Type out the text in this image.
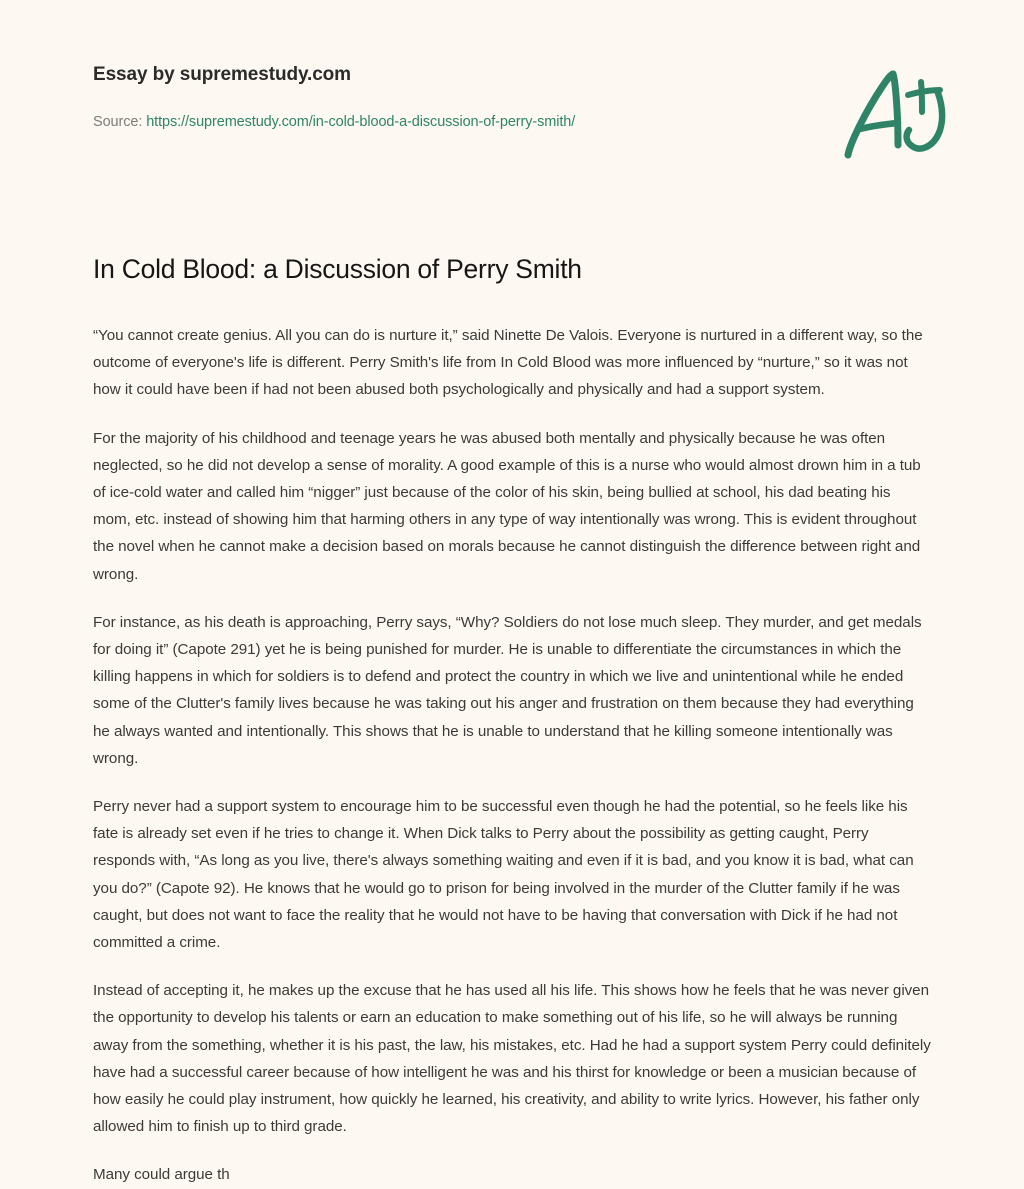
Essay by supremestudy.com
Source: https://supremestudy.com/in-cold-blood-a-discussion-of-perry-smith/
In Cold Blood: a Discussion of Perry Smith

“You cannot create genius. All you can do is nurture it,” said Ninette De Valois. Everyone is nurtured in a different way, so the outcome of everyone's life is different. Perry Smith's life from In Cold Blood was more influenced by “nurture,” so it was not how it could have been if had not been abused both psychologically and physically and had a support system.

For the majority of his childhood and teenage years he was abused both mentally and physically because he was often neglected, so he did not develop a sense of morality. A good example of this is a nurse who would almost drown him in a tub of ice-cold water and called him “nigger” just because of the color of his skin, being bullied at school, his dad beating his mom, etc. instead of showing him that harming others in any type of way intentionally was wrong. This is evident throughout the novel when he cannot make a decision based on morals because he cannot distinguish the difference between right and wrong.

For instance, as his death is approaching, Perry says, “Why? Soldiers do not lose much sleep. They murder, and get medals for doing it” (Capote 291) yet he is being punished for murder. He is unable to differentiate the circumstances in which the killing happens in which for soldiers is to defend and protect the country in which we live and unintentional while he ended some of the Clutter's family lives because he was taking out his anger and frustration on them because they had everything he always wanted and intentionally. This shows that he is unable to understand that he killing someone intentionally was wrong.

Perry never had a support system to encourage him to be successful even though he had the potential, so he feels like his fate is already set even if he tries to change it. When Dick talks to Perry about the possibility as getting caught, Perry responds with, “As long as you live, there's always something waiting and even if it is bad, and you know it is bad, what can you do?” (Capote 92). He knows that he would go to prison for being involved in the murder of the Clutter family if he was caught, but does not want to face the reality that he would not have to be having that conversation with Dick if he had not committed a crime.

Instead of accepting it, he makes up the excuse that he has used all his life. This shows how he feels that he was never given the opportunity to develop his talents or earn an education to make something out of his life, so he will always be running away from the something, whether it is his past, the law, his mistakes, etc. Had he had a support system Perry could definitely have had a successful career because of how intelligent he was and his thirst for knowledge or been a musician because of how easily he could play instrument, how quickly he learned, his creativity, and ability to write lyrics. However, his father only allowed him to finish up to third grade.

Many could argue th
